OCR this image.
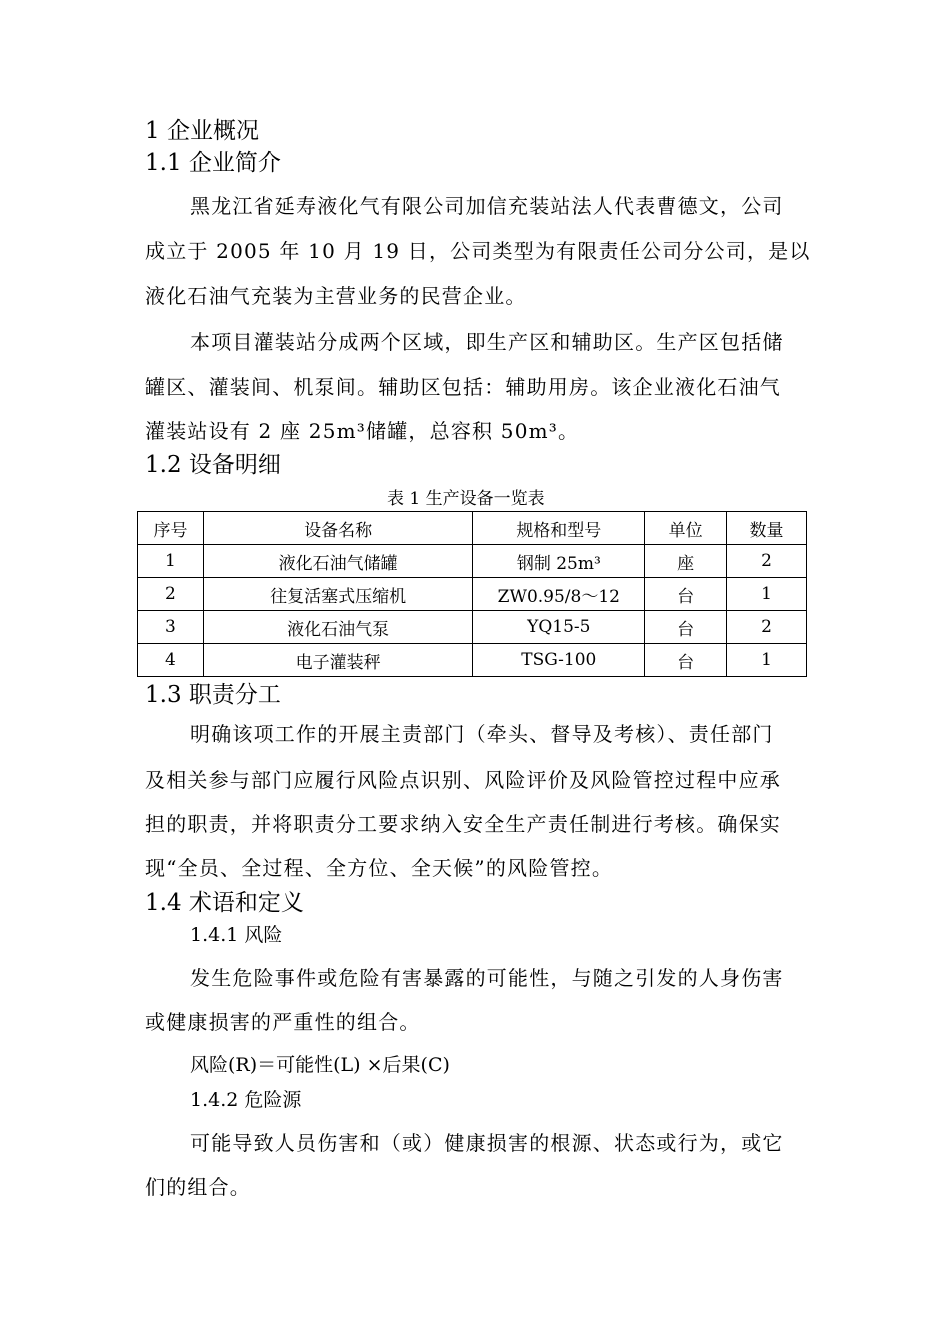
1 企业概况
1.1 企业简介
黑龙江省延寿液化气有限公司加信充装站法人代表曹德文，公司
成立于 2005 年 10 月 19 日，公司类型为有限责任公司分公司，是以
液化石油气充装为主营业务的民营企业。
本项目灌装站分成两个区域，即生产区和辅助区。生产区包括储
罐区、灌装间、机泵间。辅助区包括：辅助用房。该企业液化石油气
灌装站设有 2 座 25m³储罐，总容积 50m³。
1.2 设备明细
表 1 生产设备一览表
序号	设备名称	规格和型号	单位	数量
1	液化石油气储罐	钢制 25m³	座	2
2	往复活塞式压缩机	ZW0.95/8～12	台	1
3	液化石油气泵	YQ15-5	台	2
4	电子灌装秤	TSG-100	台	1
1.3 职责分工
明确该项工作的开展主责部门（牵头、督导及考核）、责任部门
及相关参与部门应履行风险点识别、风险评价及风险管控过程中应承
担的职责，并将职责分工要求纳入安全生产责任制进行考核。确保实
现“全员、全过程、全方位、全天候”的风险管控。
1.4 术语和定义
1.4.1 风险
发生危险事件或危险有害暴露的可能性，与随之引发的人身伤害
或健康损害的严重性的组合。
风险(R)＝可能性(L) ×后果(C)
1.4.2 危险源
可能导致人员伤害和（或）健康损害的根源、状态或行为，或它
们的组合。
